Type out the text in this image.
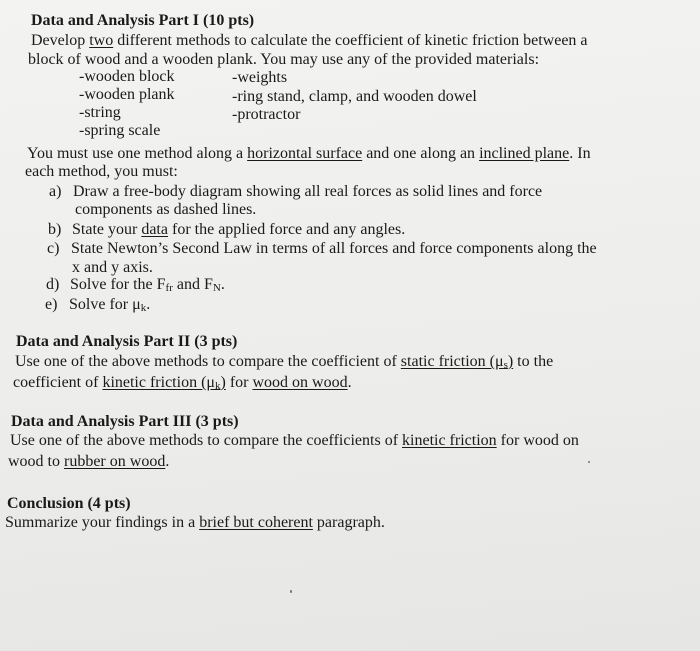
Data and Analysis Part I (10 pts)
Develop two different methods to calculate the coefficient of kinetic friction between a
block of wood and a wooden plank. You may use any of the provided materials:
-wooden block
-wooden plank
-string
-spring scale
-weights
-ring stand, clamp, and wooden dowel
-protractor
You must use one method along a horizontal surface and one along an inclined plane. In
each method, you must:
a) Draw a free-body diagram showing all real forces as solid lines and force
components as dashed lines.
b) State your data for the applied force and any angles.
c) State Newton’s Second Law in terms of all forces and force components along the
x and y axis.
d) Solve for the $F_{fr}$ and $F_N$.
e) Solve for $\mu_k$.
Data and Analysis Part II (3 pts)
Use one of the above methods to compare the coefficient of static friction $(\mu_s)$ to the
coefficient of kinetic friction $(\mu_k)$ for wood on wood.
Data and Analysis Part III (3 pts)
Use one of the above methods to compare the coefficients of kinetic friction for wood on
wood to rubber on wood.
Conclusion (4 pts)
Summarize your findings in a brief but coherent paragraph.
